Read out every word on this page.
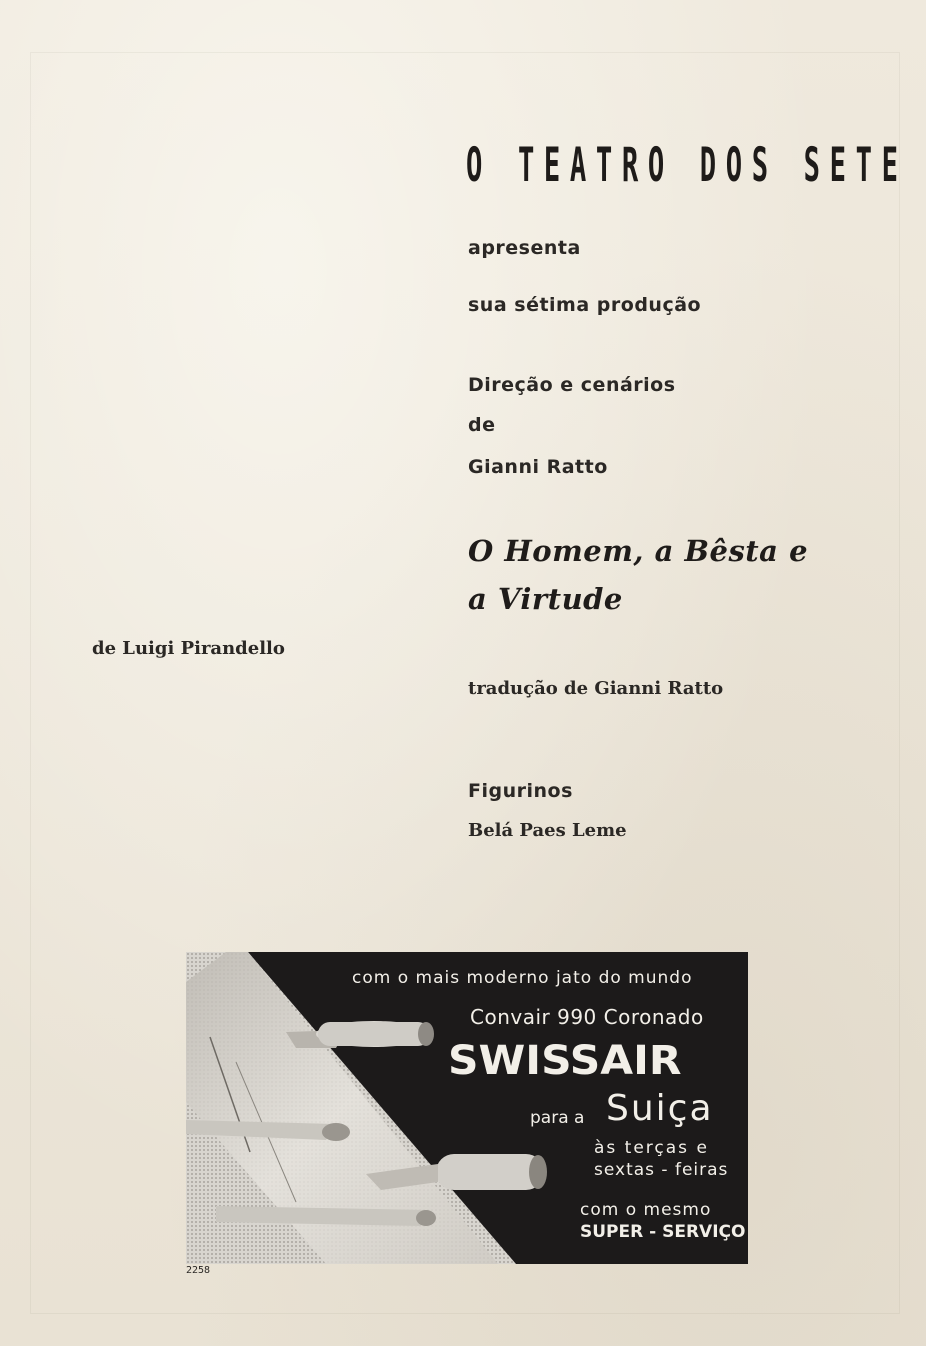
O TEATRO DOS SETE

apresenta

sua sétima produção

Direção e cenários

de

Gianni Ratto

O Homem, a Bêsta e

a Virtude

de Luigi Pirandello

tradução de Gianni Ratto

Figurinos

Belá Paes Leme

com o mais moderno jato do mundo
Convair 990 Coronado
SWISSAIR
para a Suiça
às terças e
sextas - feiras
com o mesmo
SUPER - SERVIÇO
2258
